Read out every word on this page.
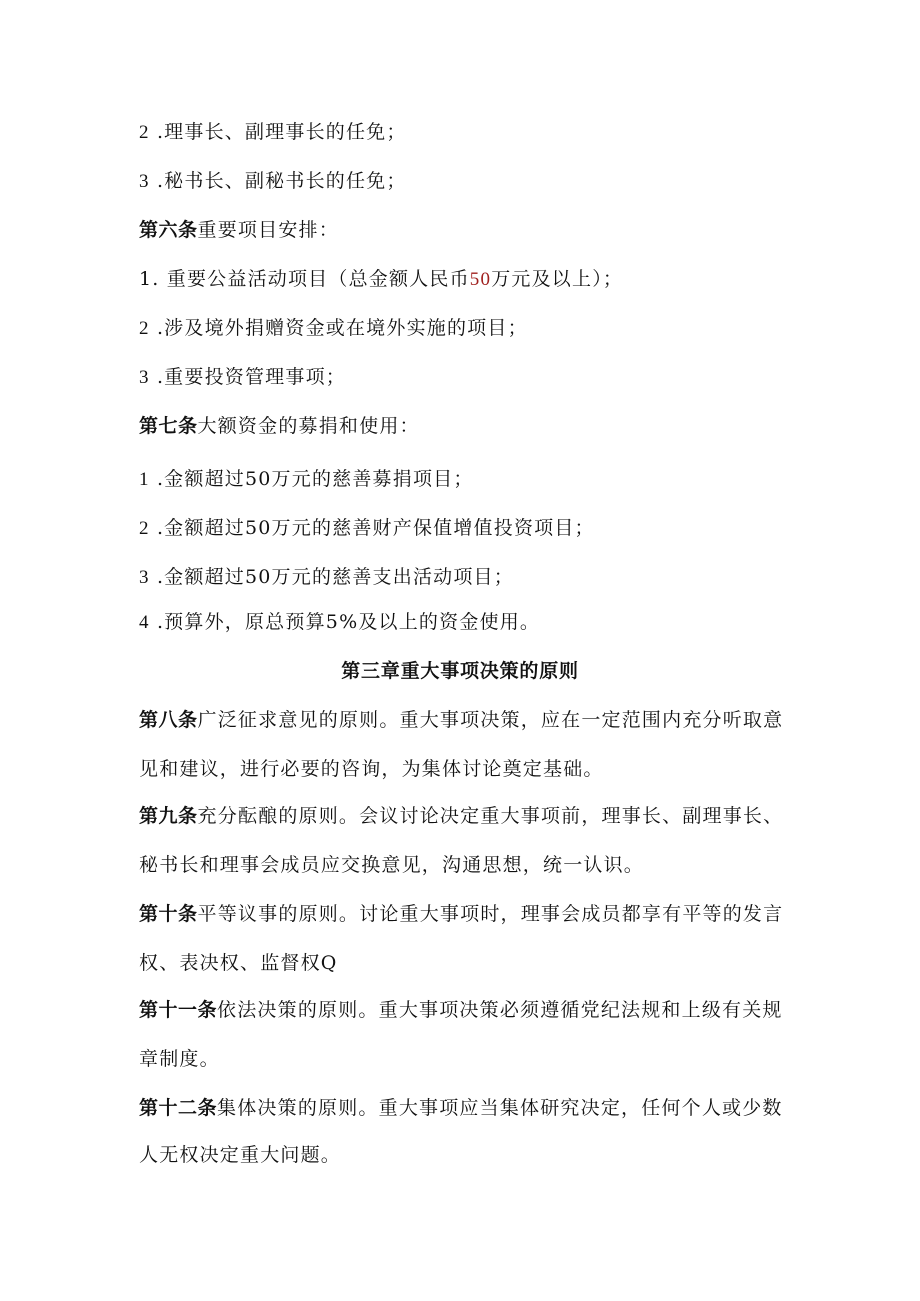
2 .理事长、副理事长的任免；
3 .秘书长、副秘书长的任免；
第六条重要项目安排：
1. 重要公益活动项目（总金额人民币50万元及以上）；
2 .涉及境外捐赠资金或在境外实施的项目；
3 .重要投资管理事项；
第七条大额资金的募捐和使用：
1 .金额超过50万元的慈善募捐项目；
2 .金额超过50万元的慈善财产保值增值投资项目；
3 .金额超过50万元的慈善支出活动项目；
4 .预算外，原总预算5%及以上的资金使用。
第三章重大事项决策的原则
第八条广泛征求意见的原则。重大事项决策，应在一定范围内充分听取意
见和建议，进行必要的咨询，为集体讨论奠定基础。
第九条充分酝酿的原则。会议讨论决定重大事项前，理事长、副理事长、
秘书长和理事会成员应交换意见，沟通思想，统一认识。
第十条平等议事的原则。讨论重大事项时，理事会成员都享有平等的发言
权、表决权、监督权Q
第十一条依法决策的原则。重大事项决策必须遵循党纪法规和上级有关规
章制度。
第十二条集体决策的原则。重大事项应当集体研究决定，任何个人或少数
人无权决定重大问题。
